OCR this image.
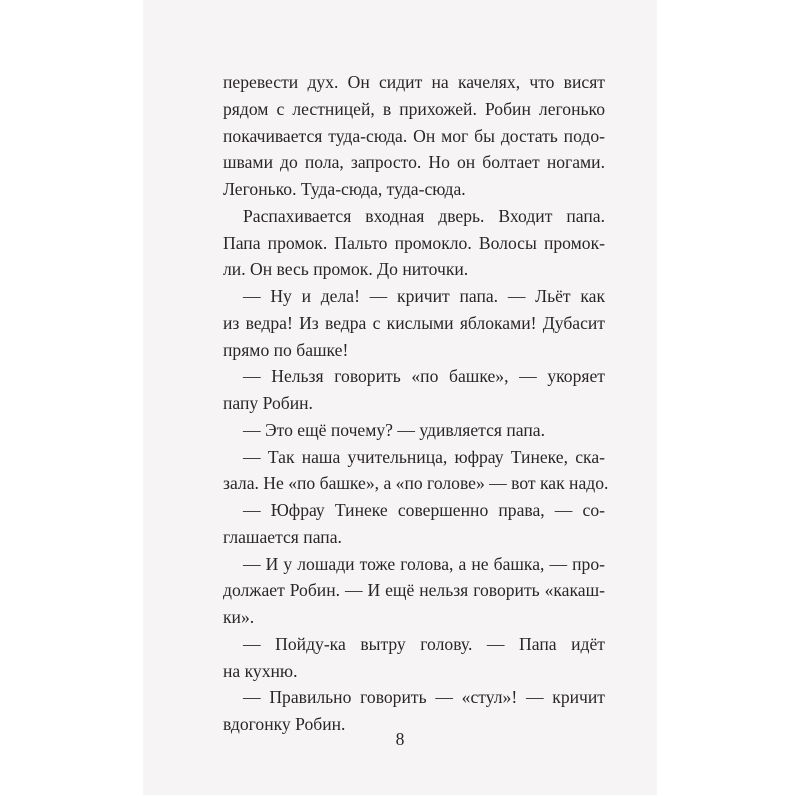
перевести дух. Он сидит на качелях, что висят
рядом с лестницей, в прихожей. Робин легонько
покачивается туда-сюда. Он мог бы достать подо-
швами до пола, запросто. Но он болтает ногами.
Легонько. Туда-сюда, туда-сюда.
Распахивается входная дверь. Входит папа.
Папа промок. Пальто промокло. Волосы промок-
ли. Он весь промок. До ниточки.
— Ну и дела! — кричит папа. — Льёт как
из ведра! Из ведра с кислыми яблоками! Дубасит
прямо по башке!
— Нельзя говорить «по башке», — укоряет
папу Робин.
— Это ещё почему? — удивляется папа.
— Так наша учительница, юфрау Тинеке, ска-
зала. Не «по башке», а «по голове» — вот как надо.
— Юфрау Тинеке совершенно права, — со-
глашается папа.
— И у лошади тоже голова, а не башка, — про-
должает Робин. — И ещё нельзя говорить «какаш-
ки».
— Пойду-ка вытру голову. — Папа идёт
на кухню.
— Правильно говорить — «стул»! — кричит
вдогонку Робин.
8
